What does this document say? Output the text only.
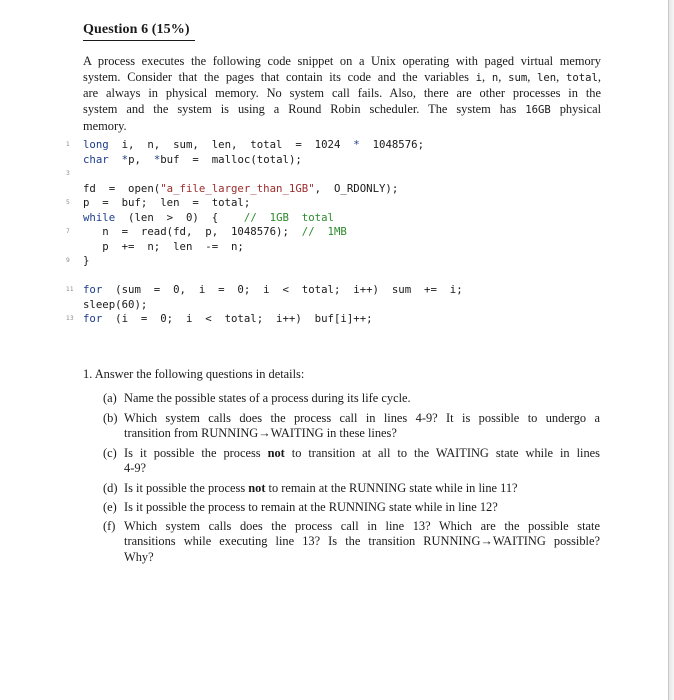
Question 6 (15%)
A process executes the following code snippet on a Unix operating with paged virtual memory
system. Consider that the pages that contain its code and the variables i, n, sum, len, total,
are always in physical memory. No system call fails. Also, there are other processes in the
system and the system is using a Round Robin scheduler. The system has 16GB physical
memory.
1 long  i,  n,  sum,  len,  total  =  1024  *  1048576;
char *p,  *buf  =  malloc(total);
3
fd  =  open("a_file_larger_than_1GB",  O_RDONLY);
5 p  =  buf;  len  =  total;
while  (len  >  0)  {    //  1GB  total
7   n  =  read(fd,  p,  1048576);  //  1MB
p  +=  n;  len  -=  n;
9 }
11 for  (sum  =  0,  i  =  0;  i  <  total;  i++)  sum  +=  i;
sleep(60);
13 for  (i  =  0;  i  <  total;  i++)  buf[i]++;
1. Answer the following questions in details:
(a) Name the possible states of a process during its life cycle.
(b) Which system calls does the process call in lines 4-9? It is possible to undergo a
transition from RUNNING→WAITING in these lines?
(c) Is it possible the process not to transition at all to the WAITING state while in lines
4-9?
(d) Is it possible the process not to remain at the RUNNING state while in line 11?
(e) Is it possible the process to remain at the RUNNING state while in line 12?
(f) Which system calls does the process call in line 13? Which are the possible state
transitions while executing line 13? Is the transition RUNNING→WAITING possible?
Why?
